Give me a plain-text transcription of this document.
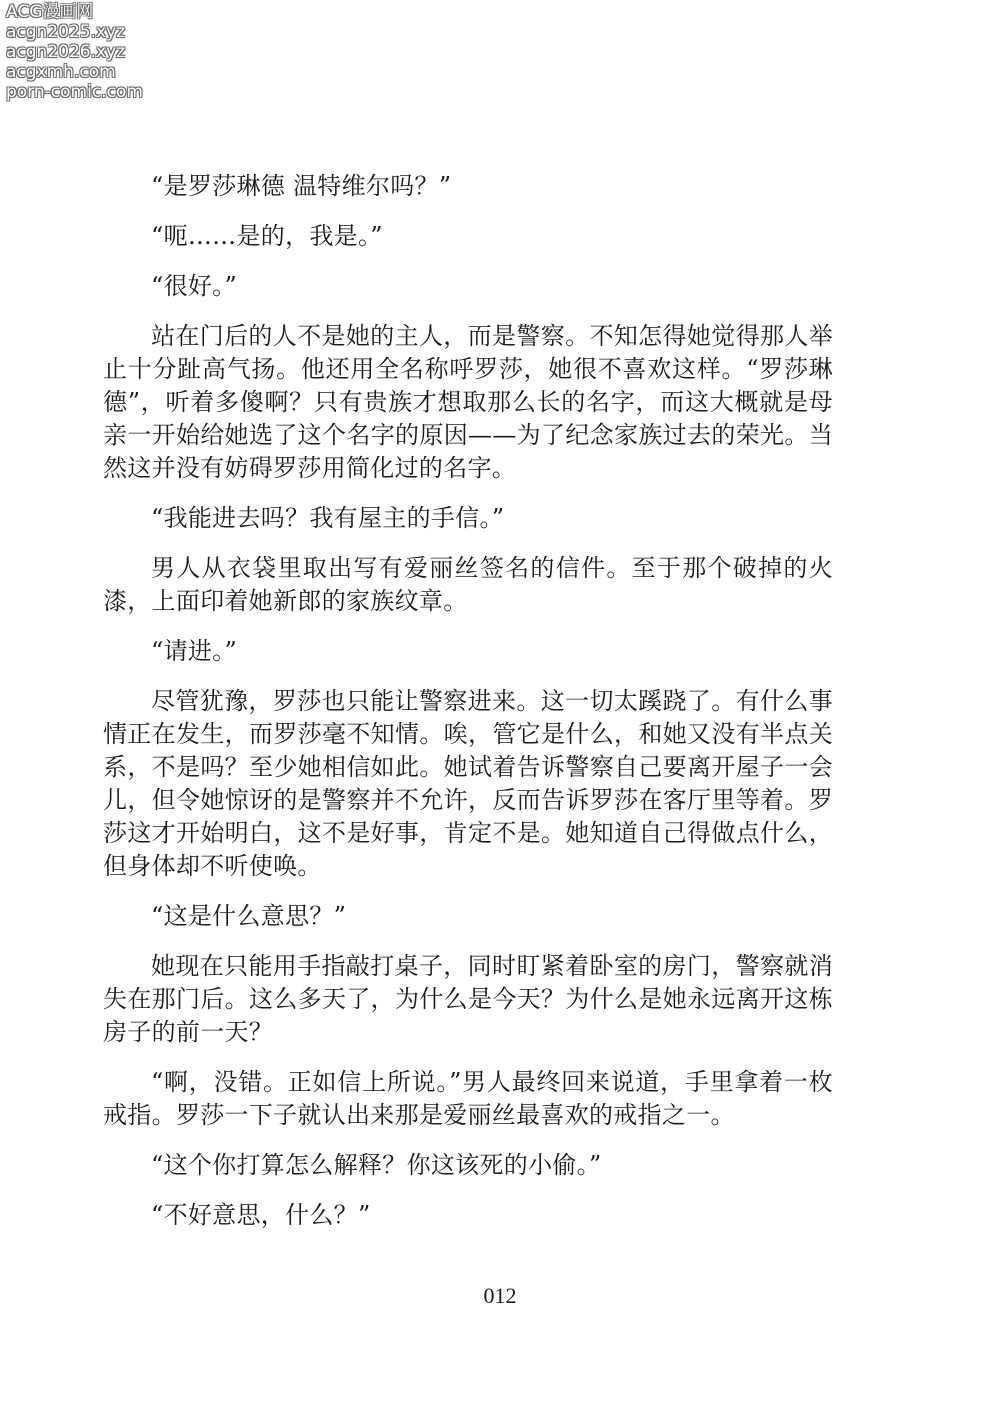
ACG漫画网
acgn2025.xyz
acgn2026.xyz
acgxmh.com
porn-comic.com

“是罗莎琳德 温特维尔吗？”

“呃……是的，我是。”

“很好。”

站在门后的人不是她的主人，而是警察。不知怎得她觉得那人举止十分趾高气扬。他还用全名称呼罗莎，她很不喜欢这样。“罗莎琳德”，听着多傻啊？只有贵族才想取那么长的名字，而这大概就是母亲一开始给她选了这个名字的原因——为了纪念家族过去的荣光。当然这并没有妨碍罗莎用简化过的名字。

“我能进去吗？我有屋主的手信。”

男人从衣袋里取出写有爱丽丝签名的信件。至于那个破掉的火漆，上面印着她新郎的家族纹章。

“请进。”

尽管犹豫，罗莎也只能让警察进来。这一切太蹊跷了。有什么事情正在发生，而罗莎毫不知情。唉，管它是什么，和她又没有半点关系，不是吗？至少她相信如此。她试着告诉警察自己要离开屋子一会儿，但令她惊讶的是警察并不允许，反而告诉罗莎在客厅里等着。罗莎这才开始明白，这不是好事，肯定不是。她知道自己得做点什么，但身体却不听使唤。

“这是什么意思？”

她现在只能用手指敲打桌子，同时盯紧着卧室的房门，警察就消失在那门后。这么多天了，为什么是今天？为什么是她永远离开这栋房子的前一天？

“啊，没错。正如信上所说。”男人最终回来说道，手里拿着一枚戒指。罗莎一下子就认出来那是爱丽丝最喜欢的戒指之一。

“这个你打算怎么解释？你这该死的小偷。”

“不好意思，什么？”

012
